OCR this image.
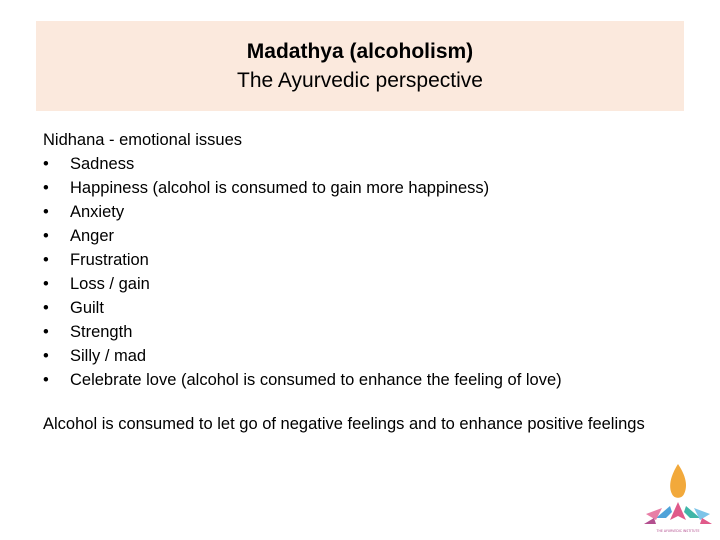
Madathya (alcoholism)
The Ayurvedic perspective
Nidhana - emotional issues
•	Sadness
•	Happiness (alcohol is consumed to gain more happiness)
•	Anxiety
•	Anger
•	Frustration
•	Loss / gain
•	Guilt
•	Strength
•	Silly / mad
•	Celebrate love (alcohol is consumed to enhance the feeling of love)
Alcohol is consumed to let go of negative feelings and to enhance positive feelings
THE AYURVEDIC INSTITUTE
